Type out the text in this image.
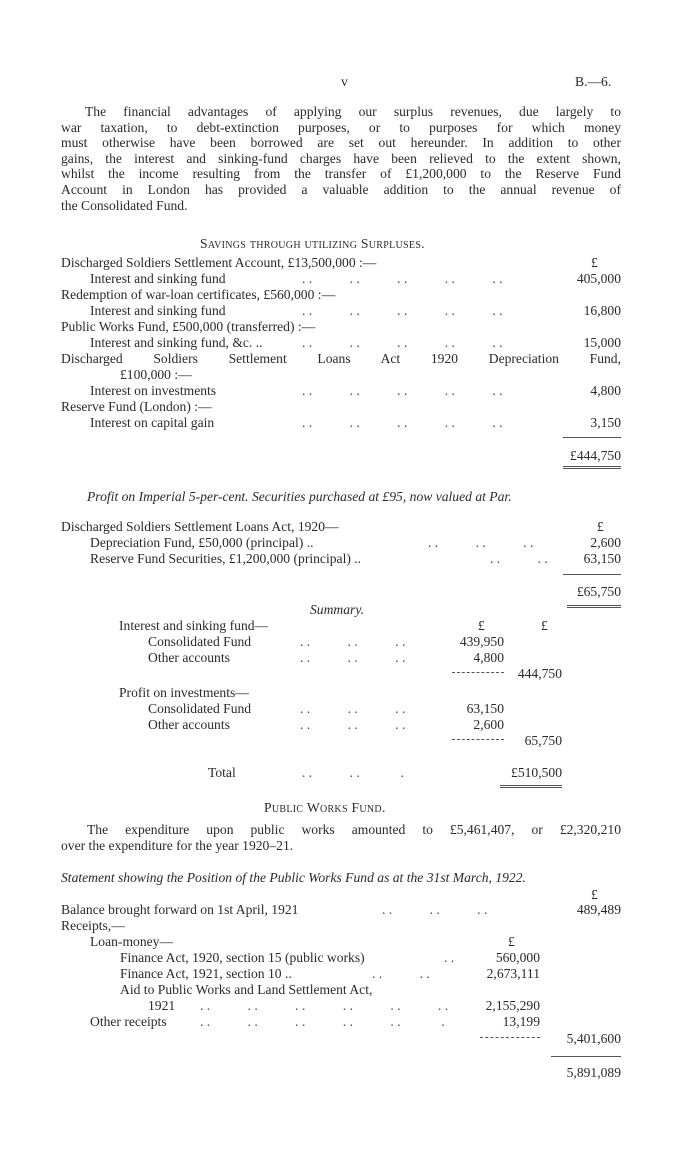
v	B.—6.
The financial advantages of applying our surplus revenues, due largely to
war taxation, to debt-extinction purposes, or to purposes for which money
must otherwise have been borrowed are set out hereunder. In addition to other
gains, the interest and sinking-fund charges have been relieved to the extent shown,
whilst the income resulting from the transfer of £1,200,000 to the Reserve Fund
Account in London has provided a valuable addition to the annual revenue of
the Consolidated Fund.
Savings through utilizing Surpluses.
£
Discharged Soldiers Settlement Account, £13,500,000 :—
Interest and sinking fund	. .           . .           . .           . .           . .	405,000
Redemption of war-loan certificates, £560,000 :—
Interest and sinking fund	. .           . .           . .           . .           . .	16,800
Public Works Fund, £500,000 (transferred) :—
Interest and sinking fund, &c. ..	. .           . .           . .           . .           . .	15,000
Discharged Soldiers Settlement Loans Act 1920 Depreciation Fund,
£100,000 :—
Interest on investments	. .           . .           . .           . .           . .	4,800
Reserve Fund (London) :—
Interest on capital gain	. .           . .           . .           . .           . .	3,150
£444,750
Profit on Imperial 5-per-cent. Securities purchased at £95, now valued at Par.
Discharged Soldiers Settlement Loans Act, 1920—	£
Depreciation Fund, £50,000 (principal) ..	. .           . .           . .	2,600
Reserve Fund Securities, £1,200,000 (principal) ..	. .           . .	63,150
£65,750
Summary.
Interest and sinking fund—	£	£
Consolidated Fund	. .           . .           . .	439,950
Other accounts	. .           . .           . .	4,800
444,750
Profit on investments—
Consolidated Fund	. .           . .           . .	63,150
Other accounts	. .           . .           . .	2,600
65,750
Total	. .           . .            .	£510,500
Public Works Fund.
The expenditure upon public works amounted to £5,461,407, or £2,320,210
over the expenditure for the year 1920–21.
Statement showing the Position of the Public Works Fund as at the 31st March, 1922.
£
Balance brought forward on 1st April, 1921	. .           . .           . .	489,489
Receipts,—
Loan-money—	£
Finance Act, 1920, section 15 (public works)	. .	560,000
Finance Act, 1921, section 10 ..	. .           . .	2,673,111
Aid to Public Works and Land Settlement Act,
1921 . .           . .           . .           . .           . .           . .	2,155,290
Other receipts . .           . .           . .           . .           . .            .	13,199
5,401,600
5,891,089
